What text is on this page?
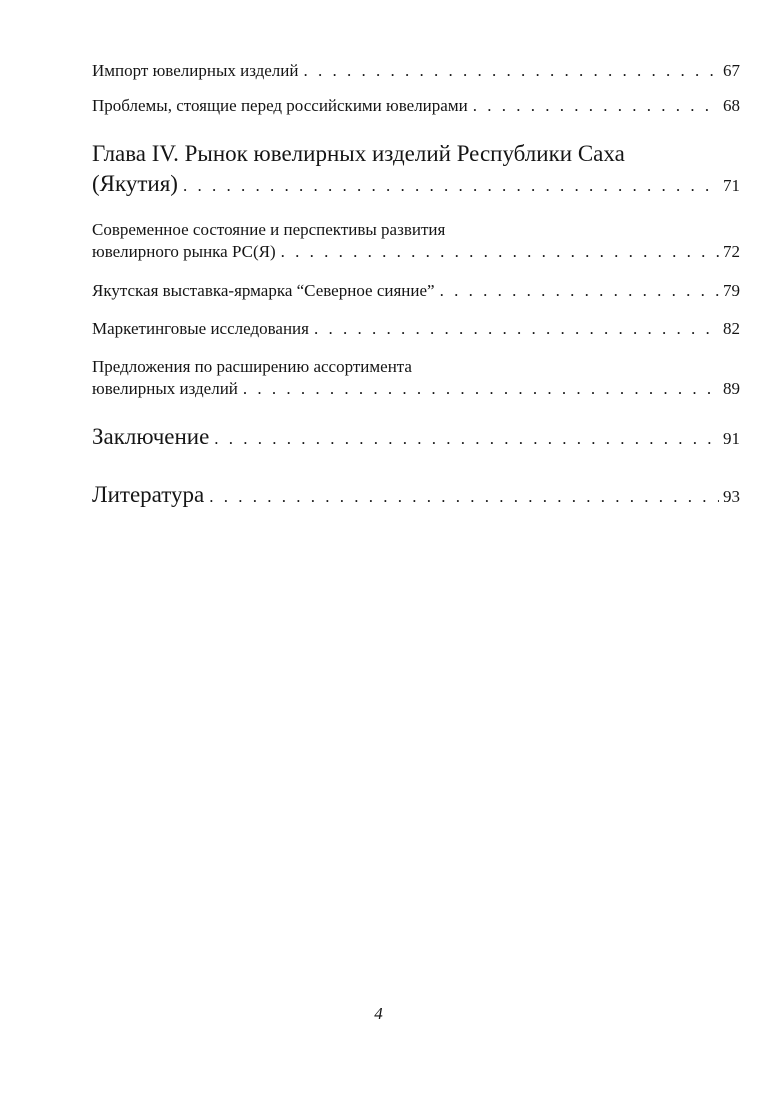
Импорт ювелирных изделий . . .	67
Проблемы, стоящие перед российскими ювелирами . . .	68
Глава IV. Рынок ювелирных изделий Республики Саха
(Якутия) . . .	71
Современное состояние и перспективы развития
ювелирного рынка РС(Я) . . .	72
Якутская выставка-ярмарка “Северное сияние” . . .	79
Маркетинговые исследования . . .	82
Предложения по расширению ассортимента
ювелирных изделий . . .	89
Заключение . . .	91
Литература . . .	93
4
